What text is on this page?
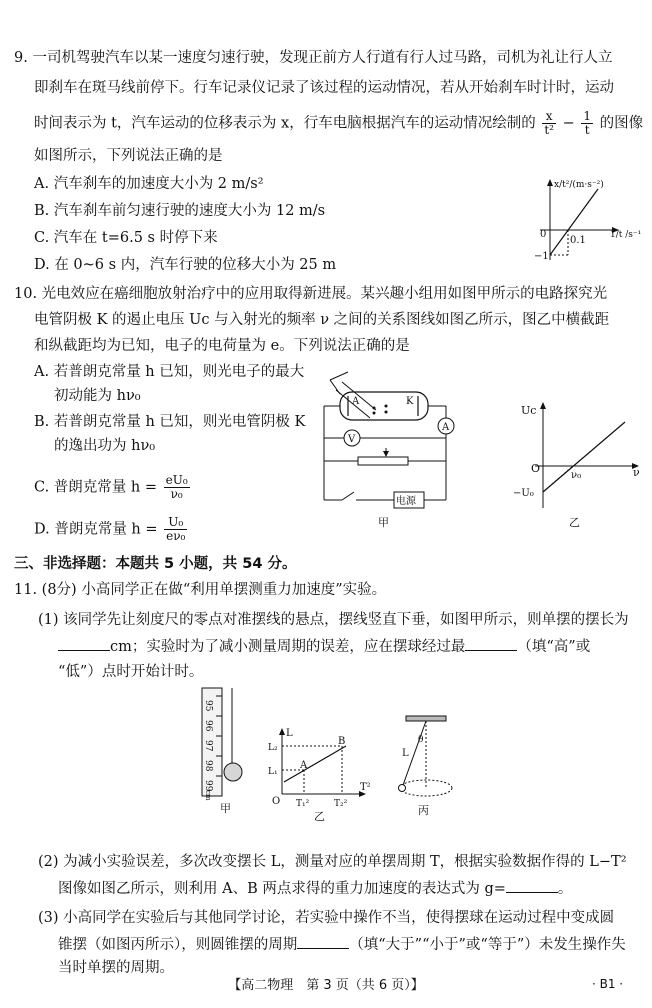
9. 一司机驾驶汽车以某一速度匀速行驶，发现正前方人行道有行人过马路，司机为礼让行人立
即刹车在斑马线前停下。行车记录仪记录了该过程的运动情况，若从开始刹车时计时，运动
时间表示为 t，汽车运动的位移表示为 x，行车电脑根据汽车的运动情况绘制的 $\frac{x}{\text{t²}} - \frac{1}{t}$ 的图像
如图所示，下列说法正确的是
A. 汽车刹车的加速度大小为 2 m/s²
B. 汽车刹车前匀速行驶的速度大小为 12 m/s
C. 汽车在 t=6.5 s 时停下来
D. 在 0~6 s 内，汽车行驶的位移大小为 25 m
x/t²/(m·s⁻²)
1/t /s⁻¹
0
−1
0.1
10. 光电效应在癌细胞放射治疗中的应用取得新进展。某兴趣小组用如图甲所示的电路探究光
电管阴极 K 的遏止电压 Uc 与入射光的频率 ν 之间的关系图线如图乙所示，图乙中横截距
和纵截距均为已知，电子的电荷量为 e。下列说法正确的是
A. 若普朗克常量 h 已知，则光电子的最大
初动能为 hν₀
B. 若普朗克常量 h 已知，则光电管阴极 K
的逸出功为 hν₀
C. 普朗克常量 $h = \frac{\text{eU₀}}{\text{ν₀}}$
D. 普朗克常量 $h = \frac{\text{U₀}}{\text{eν₀}}$
A	K
A
V
电源
甲
Uc
ν
O
−U₀
ν₀
乙
三、非选择题：本题共 5 小题，共 54 分。
11. (8分) 小高同学正在做“利用单摆测重力加速度”实验。
(1) 该同学先让刻度尺的零点对准摆线的悬点，摆线竖直下垂，如图甲所示，则单摆的摆长为
cm；实验时为了减小测量周期的误差，应在摆球经过最	（填“高”或
“低”）点时开始计时。
95
96
97
98
99
cm
甲
L
T²
L₂
L₁
A
B
O T₁²	T₂²
乙
L
θ
丙
(2) 为减小实验误差，多次改变摆长 L，测量对应的单摆周期 T，根据实验数据作得的 L−T²
图像如图乙所示，则利用 A、B 两点求得的重力加速度的表达式为 g=	。
(3) 小高同学在实验后与其他同学讨论，若实验中操作不当，使得摆球在运动过程中变成圆
锥摆（如图丙所示），则圆锥摆的周期	（填“大于”“小于”或“等于”）未发生操作失
当时单摆的周期。
【高二物理　第 3 页（共 6 页）】	· B1 ·
